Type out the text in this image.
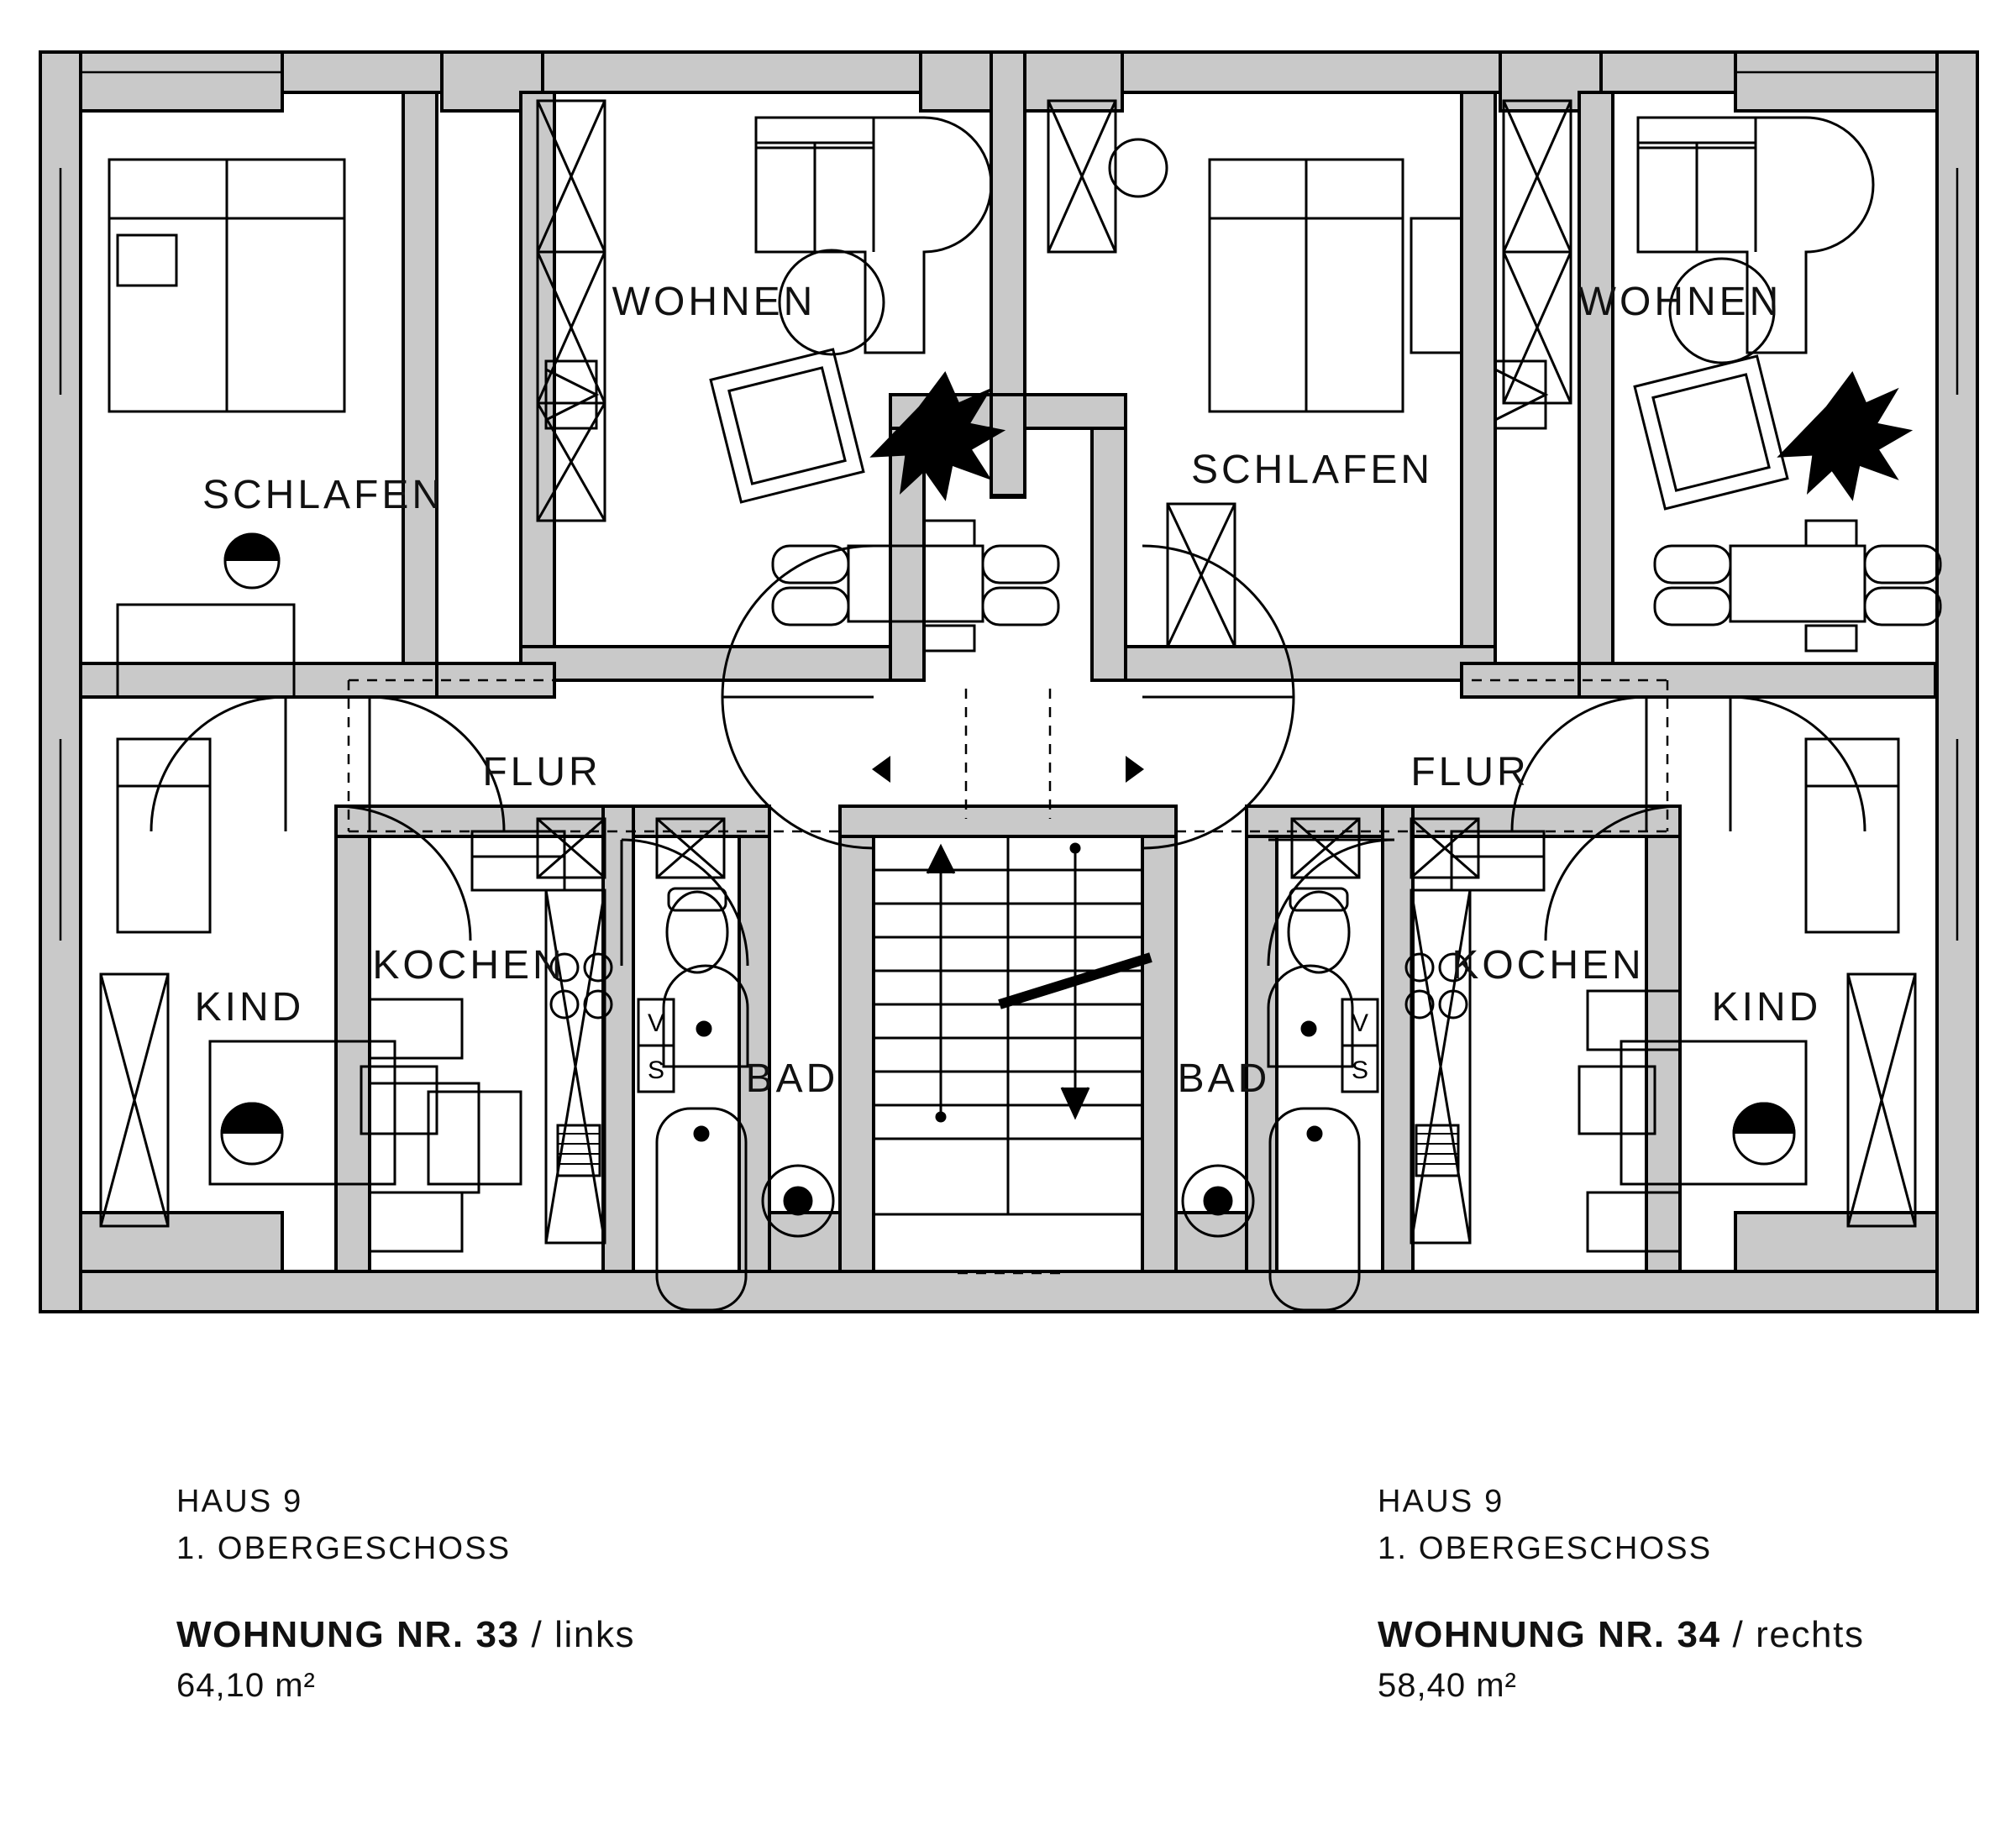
V
S
V
S
SCHLAFEN
WOHNEN
FLUR
KIND
KOCHEN
BAD
SCHLAFEN
WOHNEN
FLUR
KIND
KOCHEN
BAD
HAUS 9
1. OBERGESCHOSS
WOHNUNG NR. 33 / links
64,10 m²
HAUS 9
1. OBERGESCHOSS
WOHNUNG NR. 34 / rechts
58,40 m²
